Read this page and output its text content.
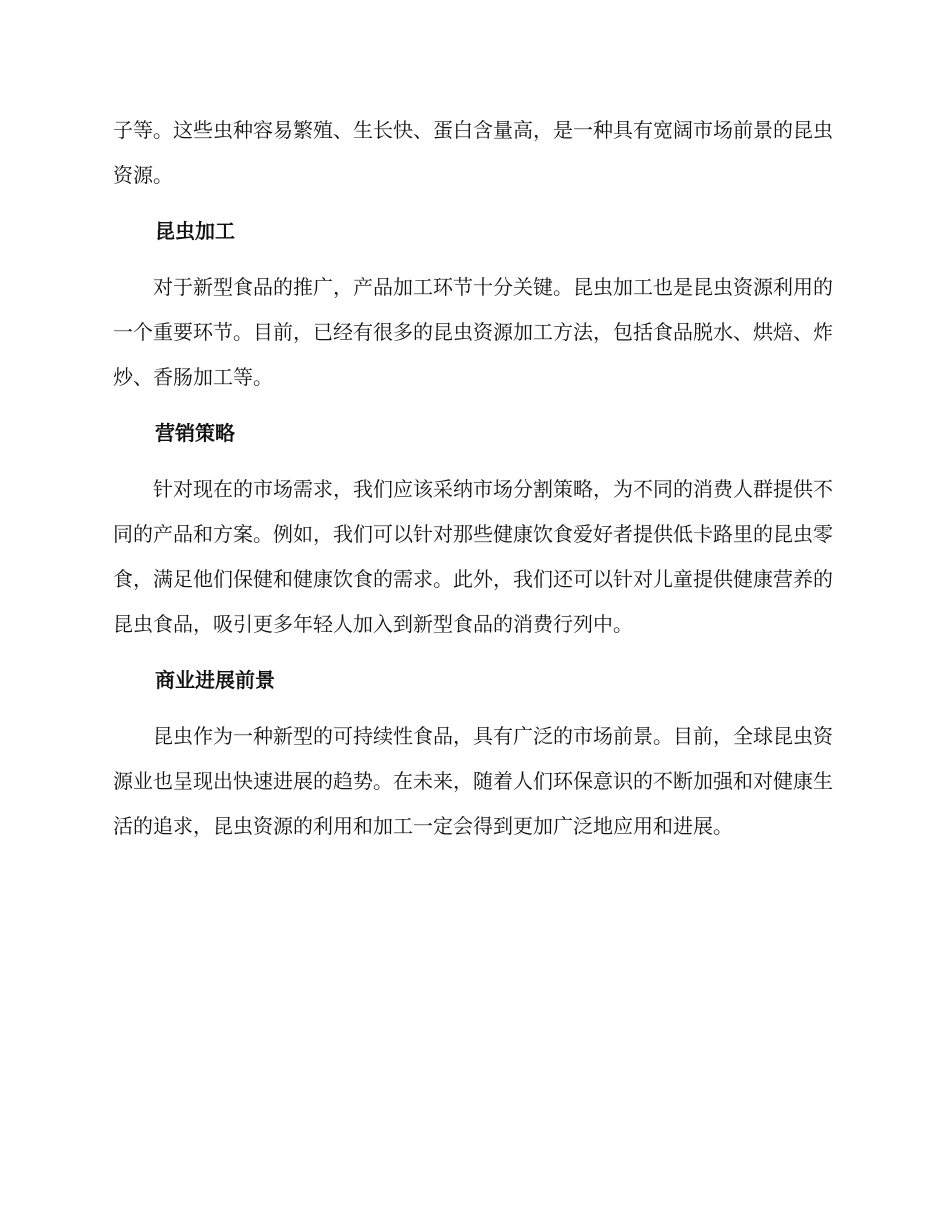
子等。这些虫种容易繁殖、生长快、蛋白含量高，是一种具有宽阔市场前景的昆虫资源。

昆虫加工

对于新型食品的推广，产品加工环节十分关键。昆虫加工也是昆虫资源利用的一个重要环节。目前，已经有很多的昆虫资源加工方法，包括食品脱水、烘焙、炸炒、香肠加工等。

营销策略

针对现在的市场需求，我们应该采纳市场分割策略，为不同的消费人群提供不同的产品和方案。例如，我们可以针对那些健康饮食爱好者提供低卡路里的昆虫零食，满足他们保健和健康饮食的需求。此外，我们还可以针对儿童提供健康营养的昆虫食品，吸引更多年轻人加入到新型食品的消费行列中。

商业进展前景

昆虫作为一种新型的可持续性食品，具有广泛的市场前景。目前，全球昆虫资源业也呈现出快速进展的趋势。在未来，随着人们环保意识的不断加强和对健康生活的追求，昆虫资源的利用和加工一定会得到更加广泛地应用和进展。
